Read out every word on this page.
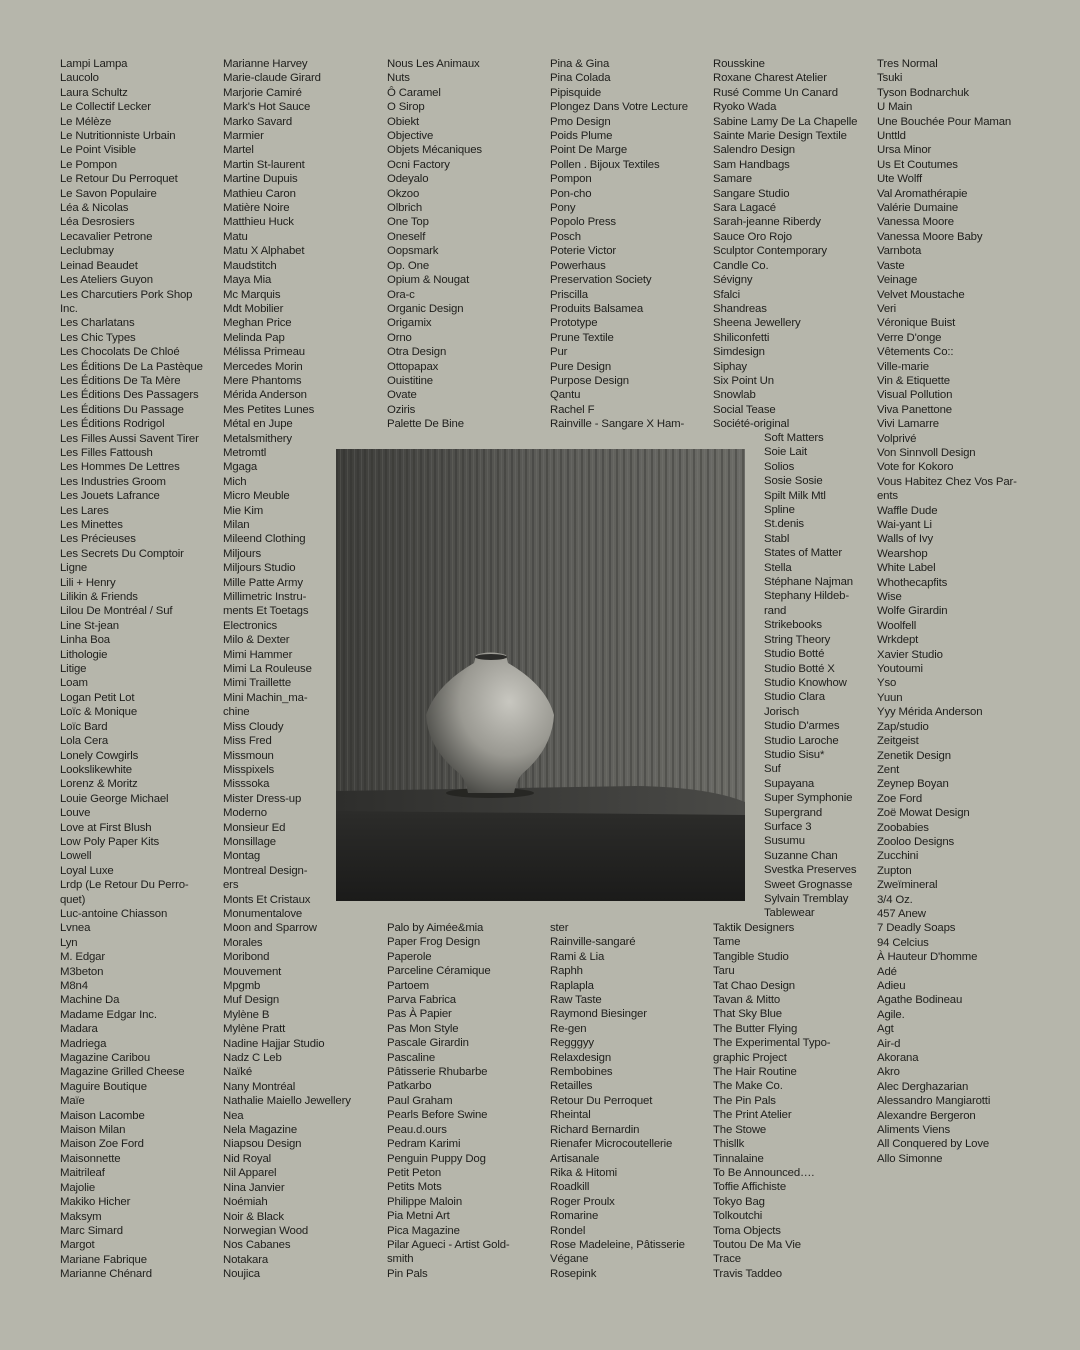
Lampi Lampa
Laucolo
Laura Schultz
Le Collectif Lecker
Le Mélèze
Le Nutritionniste Urbain
Le Point Visible
Le Pompon
Le Retour Du Perroquet
Le Savon Populaire
Léa & Nicolas
Léa Desrosiers
Lecavalier Petrone
Leclubmay
Leinad Beaudet
Les Ateliers Guyon
Les Charcutiers Pork Shop
Inc.
Les Charlatans
Les Chic Types
Les Chocolats De Chloé
Les Éditions De La Pastèque
Les Éditions De Ta Mère
Les Éditions Des Passagers
Les Éditions Du Passage
Les Éditions Rodrigol
Les Filles Aussi Savent Tirer
Les Filles Fattoush
Les Hommes De Lettres
Les Industries Groom
Les Jouets Lafrance
Les Lares
Les Minettes
Les Précieuses
Les Secrets Du Comptoir
Ligne
Lili + Henry
Lilikin & Friends
Lilou De Montréal / Suf
Line St-jean
Linha Boa
Lithologie
Litige
Loam
Logan Petit Lot
Loïc & Monique
Loïc Bard
Lola Cera
Lonely Cowgirls
Lookslikewhite
Lorenz & Moritz
Louie George Michael
Louve
Love at First Blush
Low Poly Paper Kits
Lowell
Loyal Luxe
Lrdp (Le Retour Du Perro-
quet)
Luc-antoine Chiasson
Lvnea
Lyn
M. Edgar
M3beton
M8n4
Machine Da
Madame Edgar Inc.
Madara
Madriega
Magazine Caribou
Magazine Grilled Cheese
Maguire Boutique
Maïe
Maison Lacombe
Maison Milan
Maison Zoe Ford
Maisonnette
Maitrileaf
Majolie
Makiko Hicher
Maksym
Marc Simard
Margot
Mariane Fabrique
Marianne Chénard
Marianne Harvey
Marie-claude Girard
Marjorie Camiré
Mark's Hot Sauce
Marko Savard
Marmier
Martel
Martin St-laurent
Martine Dupuis
Mathieu Caron
Matière Noire
Matthieu Huck
Matu
Matu X Alphabet
Maudstitch
Maya Mia
Mc Marquis
Mdt Mobilier
Meghan Price
Melinda Pap
Mélissa Primeau
Mercedes Morin
Mere Phantoms
Mérida Anderson
Mes Petites Lunes
Métal en Jupe
Metalsmithery
Metromtl
Mgaga
Mich
Micro Meuble
Mie Kim
Milan
Mileend Clothing
Miljours
Miljours Studio
Mille Patte Army
Millimetric Instru-
ments Et Toetags
Electronics
Milo & Dexter
Mimi Hammer
Mimi La Rouleuse
Mimi Traillette
Mini Machin_ma-
chine
Miss Cloudy
Miss Fred
Missmoun
Misspixels
Misssoka
Mister Dress-up
Moderno
Monsieur Ed
Monsillage
Montag
Montreal Design-
ers
Monts Et Cristaux
Monumentalove
Moon and Sparrow
Morales
Moribond
Mouvement
Mpgmb
Muf Design
Mylène B
Mylène Pratt
Nadine Hajjar Studio
Nadz C Leb
Naïké
Nany Montréal
Nathalie Maiello Jewellery
Nea
Nela Magazine
Niapsou Design
Nid Royal
Nil Apparel
Nina Janvier
Noémiah
Noir & Black
Norwegian Wood
Nos Cabanes
Notakara
Noujica
Nous Les Animaux
Nuts
Ô Caramel
O Sirop
Obiekt
Objective
Objets Mécaniques
Ocni Factory
Odeyalo
Okzoo
Olbrich
One Top
Oneself
Oopsmark
Op. One
Opium & Nougat
Ora-c
Organic Design
Origamix
Orno
Otra Design
Ottopapax
Ouistitine
Ovate
Oziris
Palette De Bine
Palo by Aimée&mia
Paper Frog Design
Paperole
Parceline Céramique
Partoem
Parva Fabrica
Pas À Papier
Pas Mon Style
Pascale Girardin
Pascaline
Pâtisserie Rhubarbe
Patkarbo
Paul Graham
Pearls Before Swine
Peau.d.ours
Pedram Karimi
Penguin Puppy Dog
Petit Peton
Petits Mots
Philippe Maloin
Pia Metni Art
Pica Magazine
Pilar Agueci - Artist Gold-
smith
Pin Pals
Pina & Gina
Pina Colada
Pipisquide
Plongez Dans Votre Lecture
Pmo Design
Poids Plume
Point De Marge
Pollen . Bijoux Textiles
Pompon
Pon-cho
Pony
Popolo Press
Posch
Poterie Victor
Powerhaus
Preservation Society
Priscilla
Produits Balsamea
Prototype
Prune Textile
Pur
Pure Design
Purpose Design
Qantu
Rachel F
Rainville - Sangare X Ham-
ster
Rainville-sangaré
Rami & Lia
Raphh
Raplapla
Raw Taste
Raymond Biesinger
Re-gen
Regggyy
Relaxdesign
Rembobines
Retailles
Retour Du Perroquet
Rheintal
Richard Bernardin
Rienafer Microcoutellerie
Artisanale
Rika & Hitomi
Roadkill
Roger Proulx
Romarine
Rondel
Rose Madeleine, Pâtisserie
Végane
Rosepink
Rousskine
Roxane Charest Atelier
Rusé Comme Un Canard
Ryoko Wada
Sabine Lamy De La Chapelle
Sainte Marie Design Textile
Salendro Design
Sam Handbags
Samare
Sangare Studio
Sara Lagacé
Sarah-jeanne Riberdy
Sauce Oro Rojo
Sculptor Contemporary
Candle Co.
Sévigny
Sfalci
Shandreas
Sheena Jewellery
Shiliconfetti
Simdesign
Siphay
Six Point Un
Snowlab
Social Tease
Société-original
Soft Matters
Soie Lait
Solios
Sosie Sosie
Spilt Milk Mtl
Spline
St.denis
Stabl
States of Matter
Stella
Stéphane Najman
Stephany Hildeb-
rand
Strikebooks
String Theory
Studio Botté
Studio Botté X
Studio Knowhow
Studio Clara
Jorisch
Studio D'armes
Studio Laroche
Studio Sisu*
Suf
Supayana
Super Symphonie
Supergrand
Surface 3
Susumu
Suzanne Chan
Svestka Preserves
Sweet Grognasse
Sylvain Tremblay
Tablewear
Taktik Designers
Tame
Tangible Studio
Taru
Tat Chao Design
Tavan & Mitto
That Sky Blue
The Butter Flying
The Experimental Typo-
graphic Project
The Hair Routine
The Make Co.
The Pin Pals
The Print Atelier
The Stowe
Thisllk
Tinnalaine
To Be Announced….
Toffie Affichiste
Tokyo Bag
Tolkoutchi
Toma Objects
Toutou De Ma Vie
Trace
Travis Taddeo
Tres Normal
Tsuki
Tyson Bodnarchuk
U Main
Une Bouchée Pour Maman
Unttld
Ursa Minor
Us Et Coutumes
Ute Wolff
Val Aromathérapie
Valérie Dumaine
Vanessa Moore
Vanessa Moore Baby
Varnbota
Vaste
Veinage
Velvet Moustache
Veri
Véronique Buist
Verre D'onge
Vêtements Co::
Ville-marie
Vin & Etiquette
Visual Pollution
Viva Panettone
Vivi Lamarre
Volprivé
Von Sinnvoll Design
Vote for Kokoro
Vous Habitez Chez Vos Par-
ents
Waffle Dude
Wai-yant Li
Walls of Ivy
Wearshop
White Label
Whothecapfits
Wise
Wolfe Girardin
Woolfell
Wrkdept
Xavier Studio
Youtoumi
Yso
Yuun
Yyy Mérida Anderson
Zap/studio
Zeitgeist
Zenetik Design
Zent
Zeynep Boyan
Zoe Ford
Zoë Mowat Design
Zoobabies
Zooloo Designs
Zucchini
Zupton
Zweïmineral
3/4 Oz.
457 Anew
7 Deadly Soaps
94 Celcius
À Hauteur D'homme
Adé
Adieu
Agathe Bodineau
Agile.
Agt
Air-d
Akorana
Akro
Alec Derghazarian
Alessandro Mangiarotti
Alexandre Bergeron
Aliments Viens
All Conquered by Love
Allo Simonne
